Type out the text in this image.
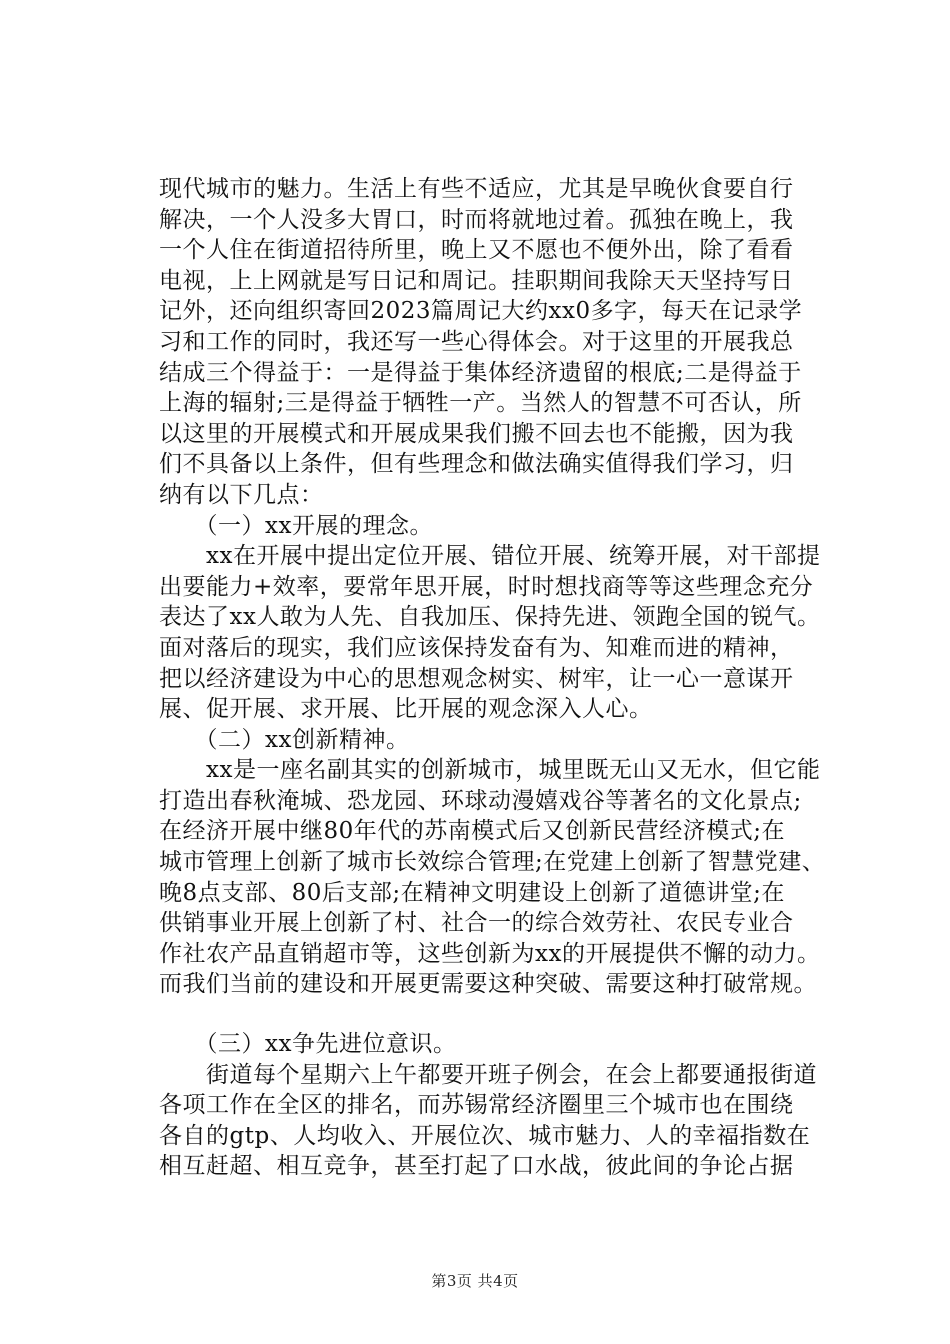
现代城市的魅力。生活上有些不适应，尤其是早晚伙食要自行
解决，一个人没多大胃口，时而将就地过着。孤独在晚上，我
一个人住在街道招待所里，晚上又不愿也不便外出，除了看看
电视，上上网就是写日记和周记。挂职期间我除天天坚持写日
记外，还向组织寄回2023篇周记大约xx0多字，每天在记录学
习和工作的同时，我还写一些心得体会。对于这里的开展我总
结成三个得益于：一是得益于集体经济遗留的根底;二是得益于
上海的辐射;三是得益于牺牲一产。当然人的智慧不可否认，所
以这里的开展模式和开展成果我们搬不回去也不能搬，因为我
们不具备以上条件，但有些理念和做法确实值得我们学习，归
纳有以下几点：
　　（一）xx开展的理念。
　　xx在开展中提出定位开展、错位开展、统筹开展，对干部提
出要能力+效率，要常年思开展，时时想找商等等这些理念充分
表达了xx人敢为人先、自我加压、保持先进、领跑全国的锐气。
面对落后的现实，我们应该保持发奋有为、知难而进的精神，
把以经济建设为中心的思想观念树实、树牢，让一心一意谋开
展、促开展、求开展、比开展的观念深入人心。
　　（二）xx创新精神。
　　xx是一座名副其实的创新城市，城里既无山又无水，但它能
打造出春秋淹城、恐龙园、环球动漫嬉戏谷等著名的文化景点;
在经济开展中继80年代的苏南模式后又创新民营经济模式;在
城市管理上创新了城市长效综合管理;在党建上创新了智慧党建、
晚8点支部、80后支部;在精神文明建设上创新了道德讲堂;在
供销事业开展上创新了村、社合一的综合效劳社、农民专业合
作社农产品直销超市等，这些创新为xx的开展提供不懈的动力。
而我们当前的建设和开展更需要这种突破、需要这种打破常规。
　　（三）xx争先进位意识。
　　街道每个星期六上午都要开班子例会，在会上都要通报街道
各项工作在全区的排名，而苏锡常经济圈里三个城市也在围绕
各自的gtp、人均收入、开展位次、城市魅力、人的幸福指数在
相互赶超、相互竞争，甚至打起了口水战，彼此间的争论占据
第3页 共4页
